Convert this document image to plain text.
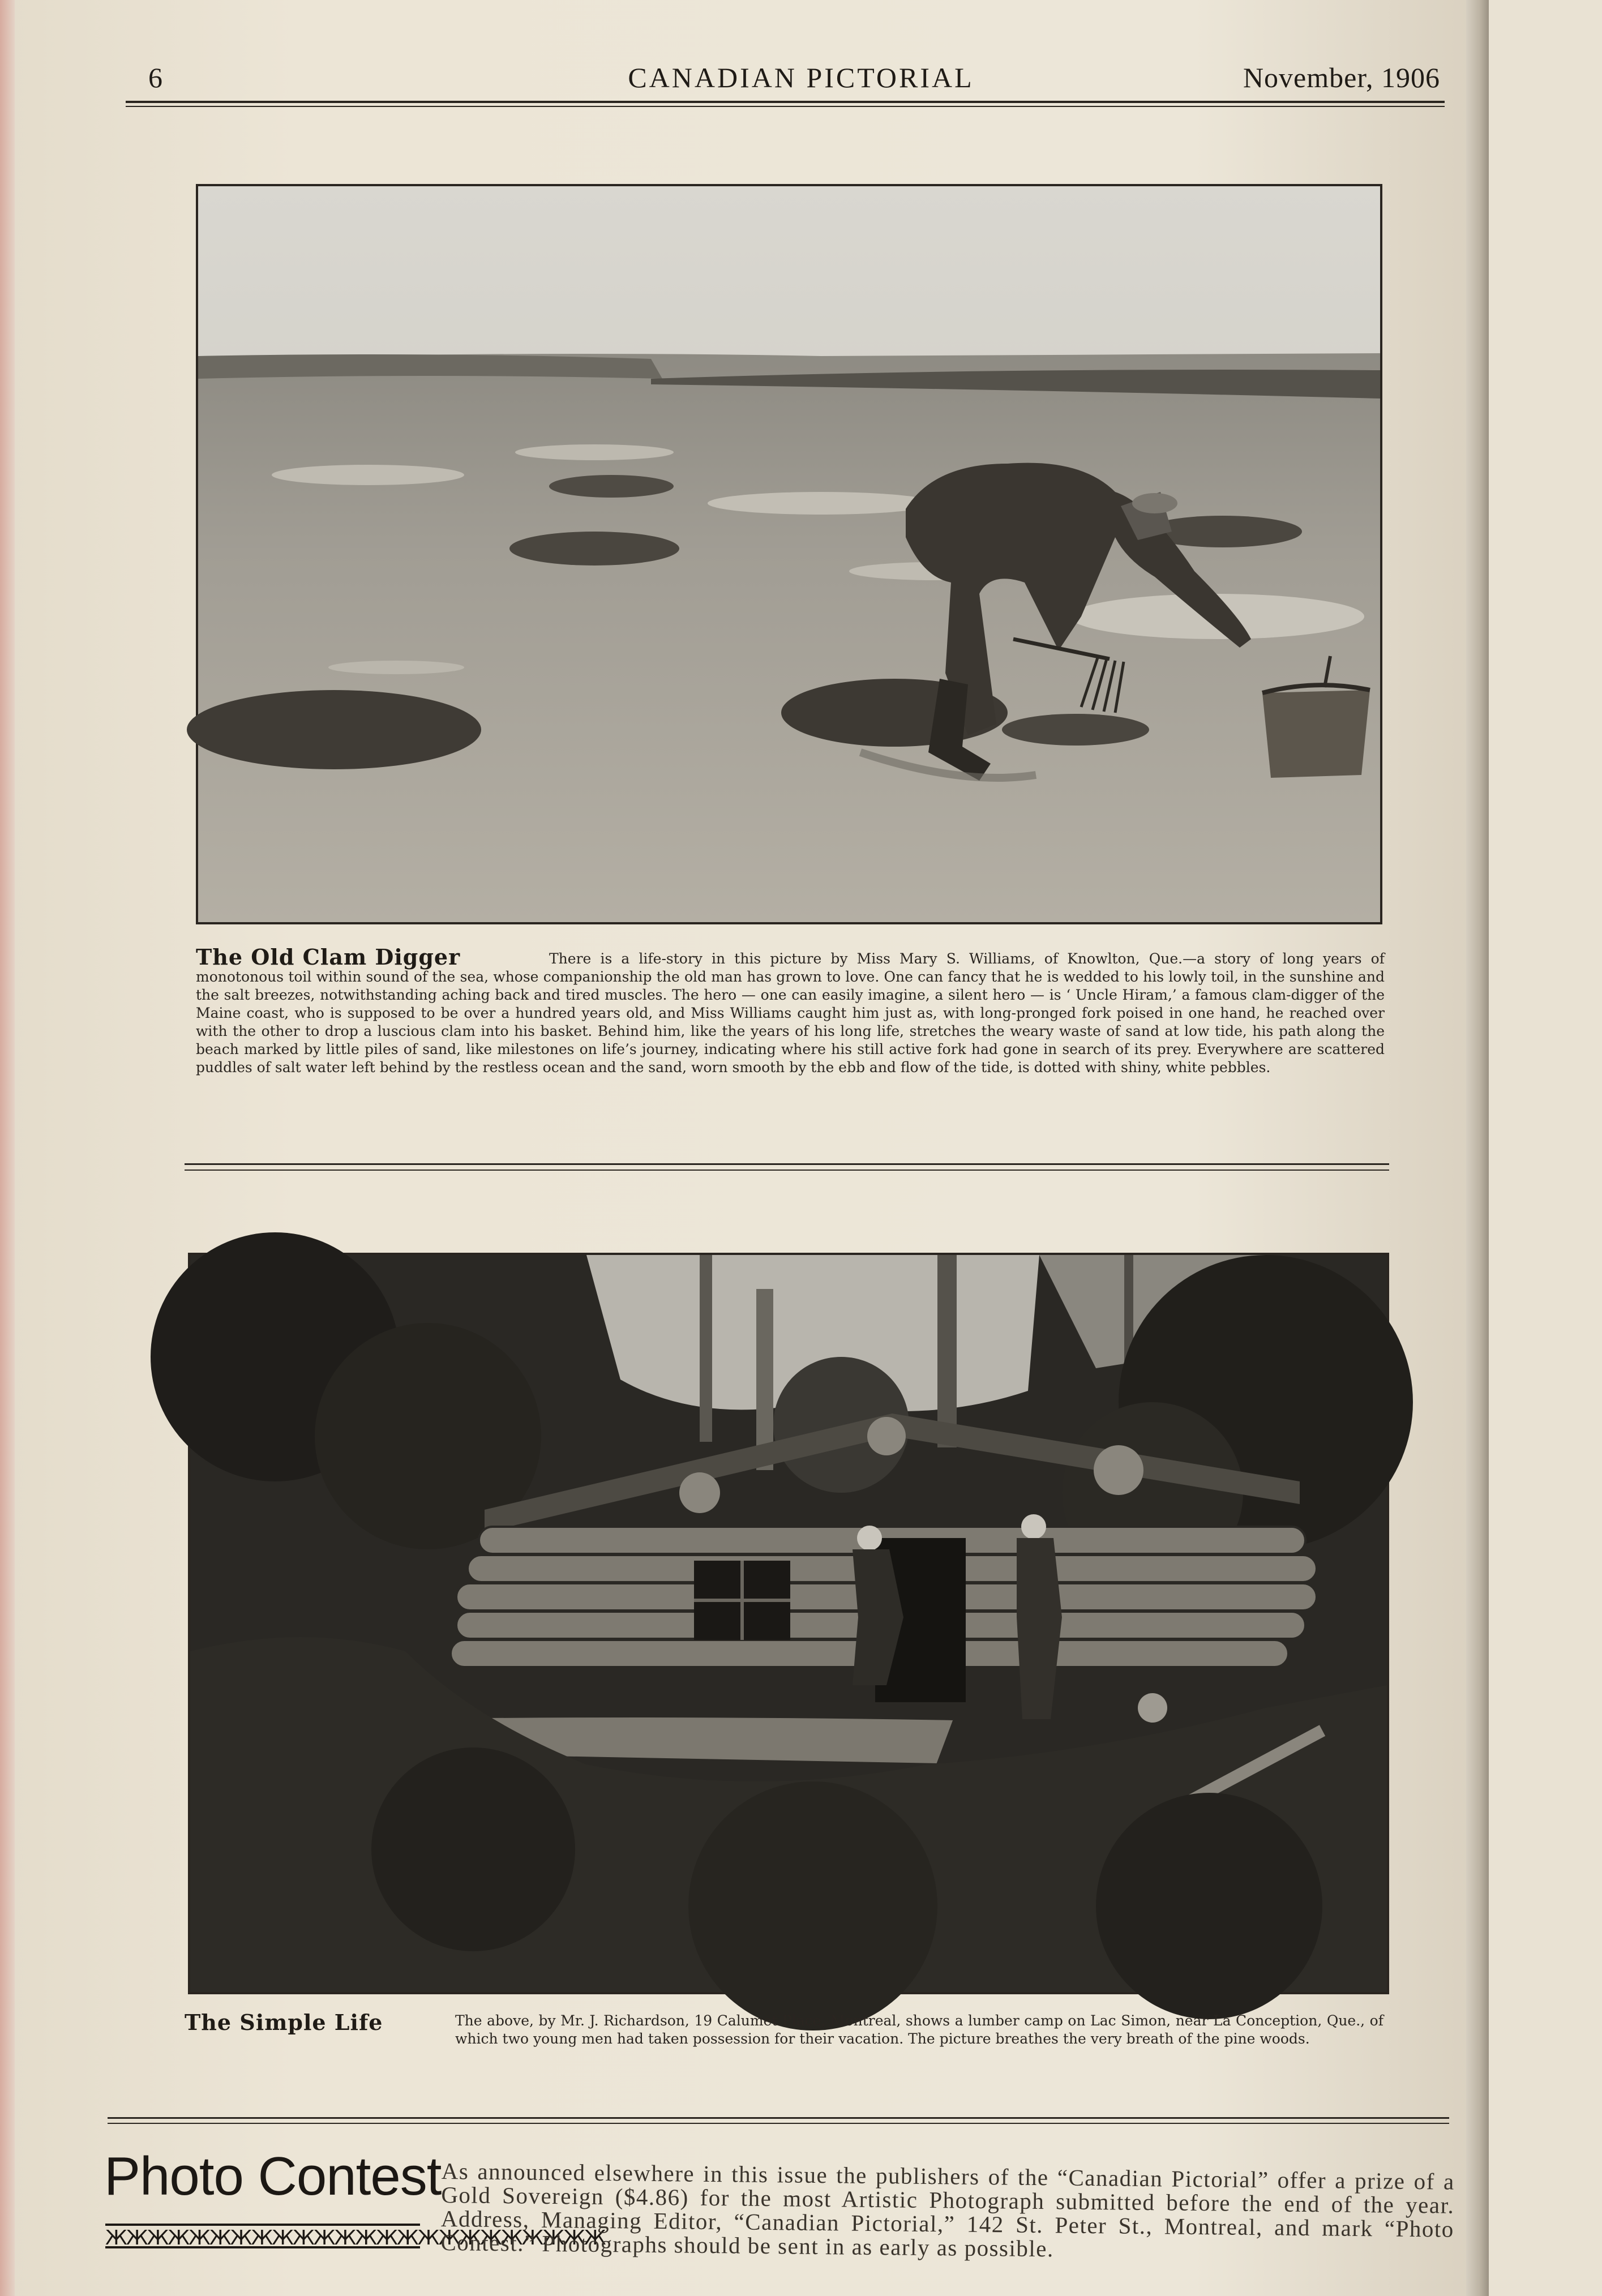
6	CANADIAN PICTORIAL	November, 1906
The Old Clam Digger	There is a life-story in this picture by Miss Mary S. Williams, of Knowlton, Que.—a story of long years of monotonous toil within sound of the sea, whose companionship the old man has grown to love. One can fancy that he is wedded to his lowly toil, in the sunshine and the salt breezes, notwithstanding aching back and tired muscles. The hero — one can easily imagine, a silent hero — is ‘ Uncle Hiram,’ a famous clam-digger of the Maine coast, who is supposed to be over a hundred years old, and Miss Williams caught him just as, with long-pronged fork poised in one hand, he reached over with the other to drop a luscious clam into his basket. Behind him, like the years of his long life, stretches the weary waste of sand at low tide, his path along the beach marked by little piles of sand, like milestones on life’s journey, indicating where his still active fork had gone in search of its prey. Everywhere are scattered puddles of salt water left behind by the restless ocean and the sand, worn smooth by the ebb and flow of the tide, is dotted with shiny, white pebbles.
The Simple Life	The above, by Mr. J. Richardson, 19 Calumet Place, Montreal, shows a lumber camp on Lac Simon, near La Conception, Que., of which two young men had taken possession for their vacation. The picture breathes the very breath of the pine woods.
Photo Contest
ЖЖЖЖЖЖЖЖЖЖЖЖЖЖЖЖЖЖЖЖЖЖЖЖ
As announced elsewhere in this issue the publishers of the “Canadian Pictorial” offer a prize of a Gold Sovereign ($4.86) for the most Artistic Photograph submitted before the end of the year. Address, Managing Editor, “Canadian Pictorial,” 142 St. Peter St., Montreal, and mark “Photo Contest.” Photographs should be sent in as early as possible.
